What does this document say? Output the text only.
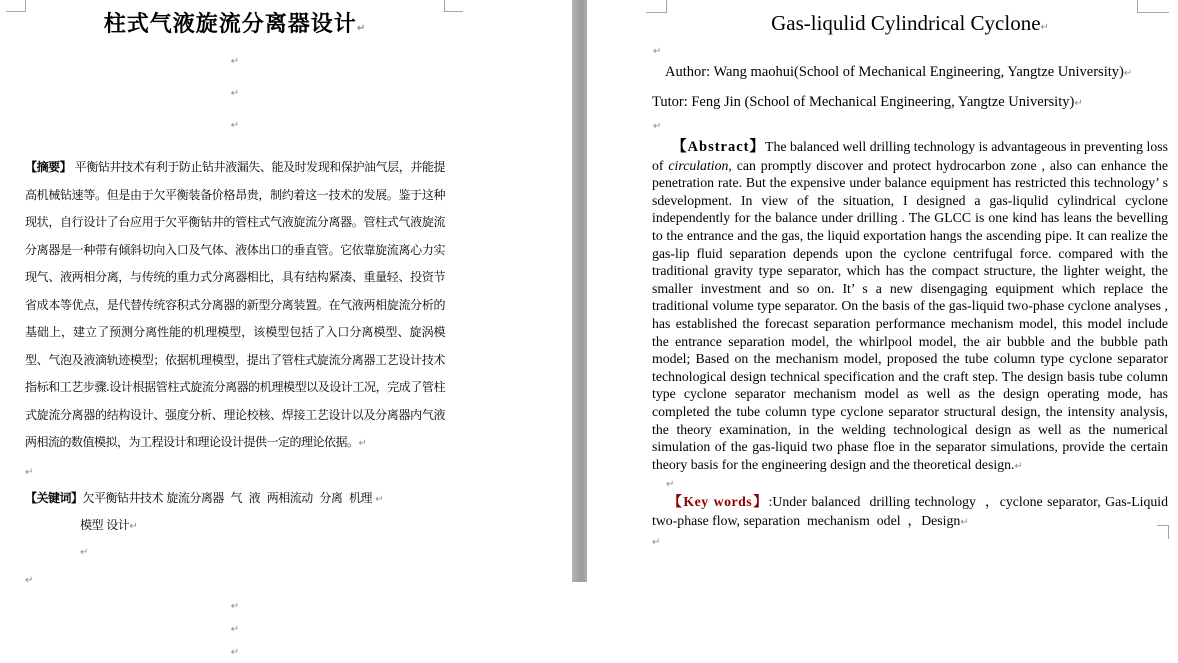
柱式气液旋流分离器设计↵
↵
↵
↵
【摘要】 平衡钻井技术有利于防止钻井液漏失、能及时发现和保护油气层，并能提高机械钻速等。但是由于欠平衡装备价格昂贵，制约着这一技术的发展。鉴于这种现状，自行设计了台应用于欠平衡钻井的管柱式气液旋流分离器。管柱式气液旋流分离器是一种带有倾斜切向入口及气体、液体出口的垂直管。它依靠旋流离心力实现气、液两相分离，与传统的重力式分离器相比，具有结构紧凑、重量轻、投资节省成本等优点，是代替传统容积式分离器的新型分离装置。在气液两相旋流分析的基础上，建立了预测分离性能的机理模型，该模型包括了入口分离模型、旋涡模型、气泡及液滴轨迹模型；依据机理模型，提出了管柱式旋流分离器工艺设计技术指标和工艺步骤.设计根据管柱式旋流分离器的机理模型以及设计工况，完成了管柱式旋流分离器的结构设计、强度分析、理论校核、焊接工艺设计以及分离器内气液两相流的数值模拟，为工程设计和理论设计提供一定的理论依据。↵
↵
【关键词】欠平衡钻井技术 旋流分离器  气  液  两相流动  分离  机理 ↵
模型 设计↵
↵
↵
↵
↵
↵
Gas-liqulid Cylindrical Cyclone↵
↵
Author: Wang maohui(School of Mechanical Engineering, Yangtze University)↵
Tutor: Feng Jin (School of Mechanical Engineering, Yangtze University)↵
↵
【Abstract】The balanced well drilling technology is advantageous in preventing loss of circulation, can promptly discover and protect hydrocarbon zone , also can enhance the penetration rate. But the expensive under balance equipment has restricted this technology’ s sdevelopment. In view of the situation, I designed a gas-liqulid cylindrical cyclone independently for the balance under drilling . The GLCC is one kind has leans the bevelling to the entrance and the gas, the liquid exportation hangs the ascending pipe. It can realize the gas-lip fluid separation depends upon the cyclone centrifugal force. compared with the traditional gravity type separator, which has the compact structure, the lighter weight, the smaller investment and so on. It’ s a new disengaging equipment which replace the traditional volume type separator. On the basis of the gas-liquid two-phase cyclone analyses , has established the forecast separation performance mechanism model, this model include the entrance separation model, the whirlpool model, the air bubble and the bubble path model; Based on the mechanism model, proposed the tube column type cyclone separator technological design technical specification and the craft step. The design basis tube column type cyclone separator mechanism model as well as the design operating mode, has completed the tube column type cyclone separator structural design, the intensity analysis, the theory examination, in the welding technological design as well as the numerical simulation of the gas-liquid two phase floe in the separator simulations, provide the certain theory basis for the engineering design and the theoretical design.↵
↵
【Key words】:Under balanced  drilling technology  ，cyclone separator, Gas-Liquid  two-phase flow, separation  mechanism  odel  ，Design↵
↵
